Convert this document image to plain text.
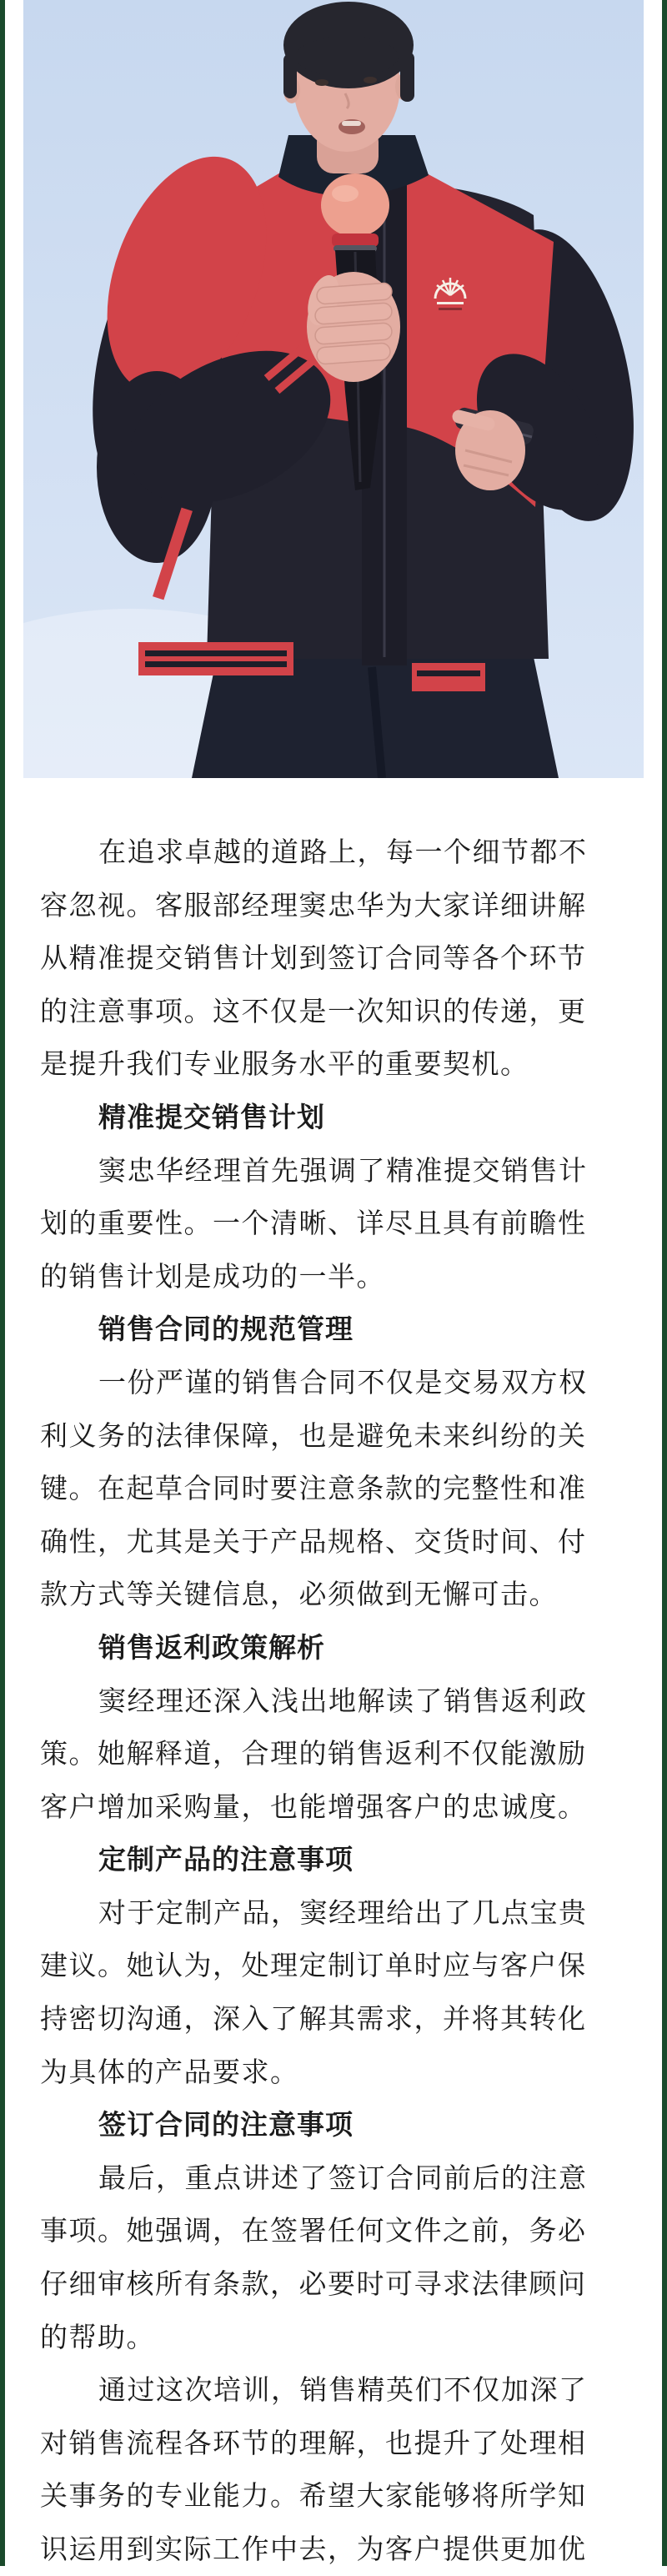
在追求卓越的道路上，每一个细节都不
容忽视。客服部经理窦忠华为大家详细讲解
从精准提交销售计划到签订合同等各个环节
的注意事项。这不仅是一次知识的传递，更
是提升我们专业服务水平的重要契机。
精准提交销售计划
窦忠华经理首先强调了精准提交销售计
划的重要性。一个清晰、详尽且具有前瞻性
的销售计划是成功的一半。
销售合同的规范管理
一份严谨的销售合同不仅是交易双方权
利义务的法律保障，也是避免未来纠纷的关
键。在起草合同时要注意条款的完整性和准
确性，尤其是关于产品规格、交货时间、付
款方式等关键信息，必须做到无懈可击。
销售返利政策解析
窦经理还深入浅出地解读了销售返利政
策。她解释道，合理的销售返利不仅能激励
客户增加采购量，也能增强客户的忠诚度。
定制产品的注意事项
对于定制产品，窦经理给出了几点宝贵
建议。她认为，处理定制订单时应与客户保
持密切沟通，深入了解其需求，并将其转化
为具体的产品要求。
签订合同的注意事项
最后，重点讲述了签订合同前后的注意
事项。她强调，在签署任何文件之前，务必
仔细审核所有条款，必要时可寻求法律顾问
的帮助。
通过这次培训，销售精英们不仅加深了
对销售流程各环节的理解，也提升了处理相
关事务的专业能力。希望大家能够将所学知
识运用到实际工作中去，为客户提供更加优
